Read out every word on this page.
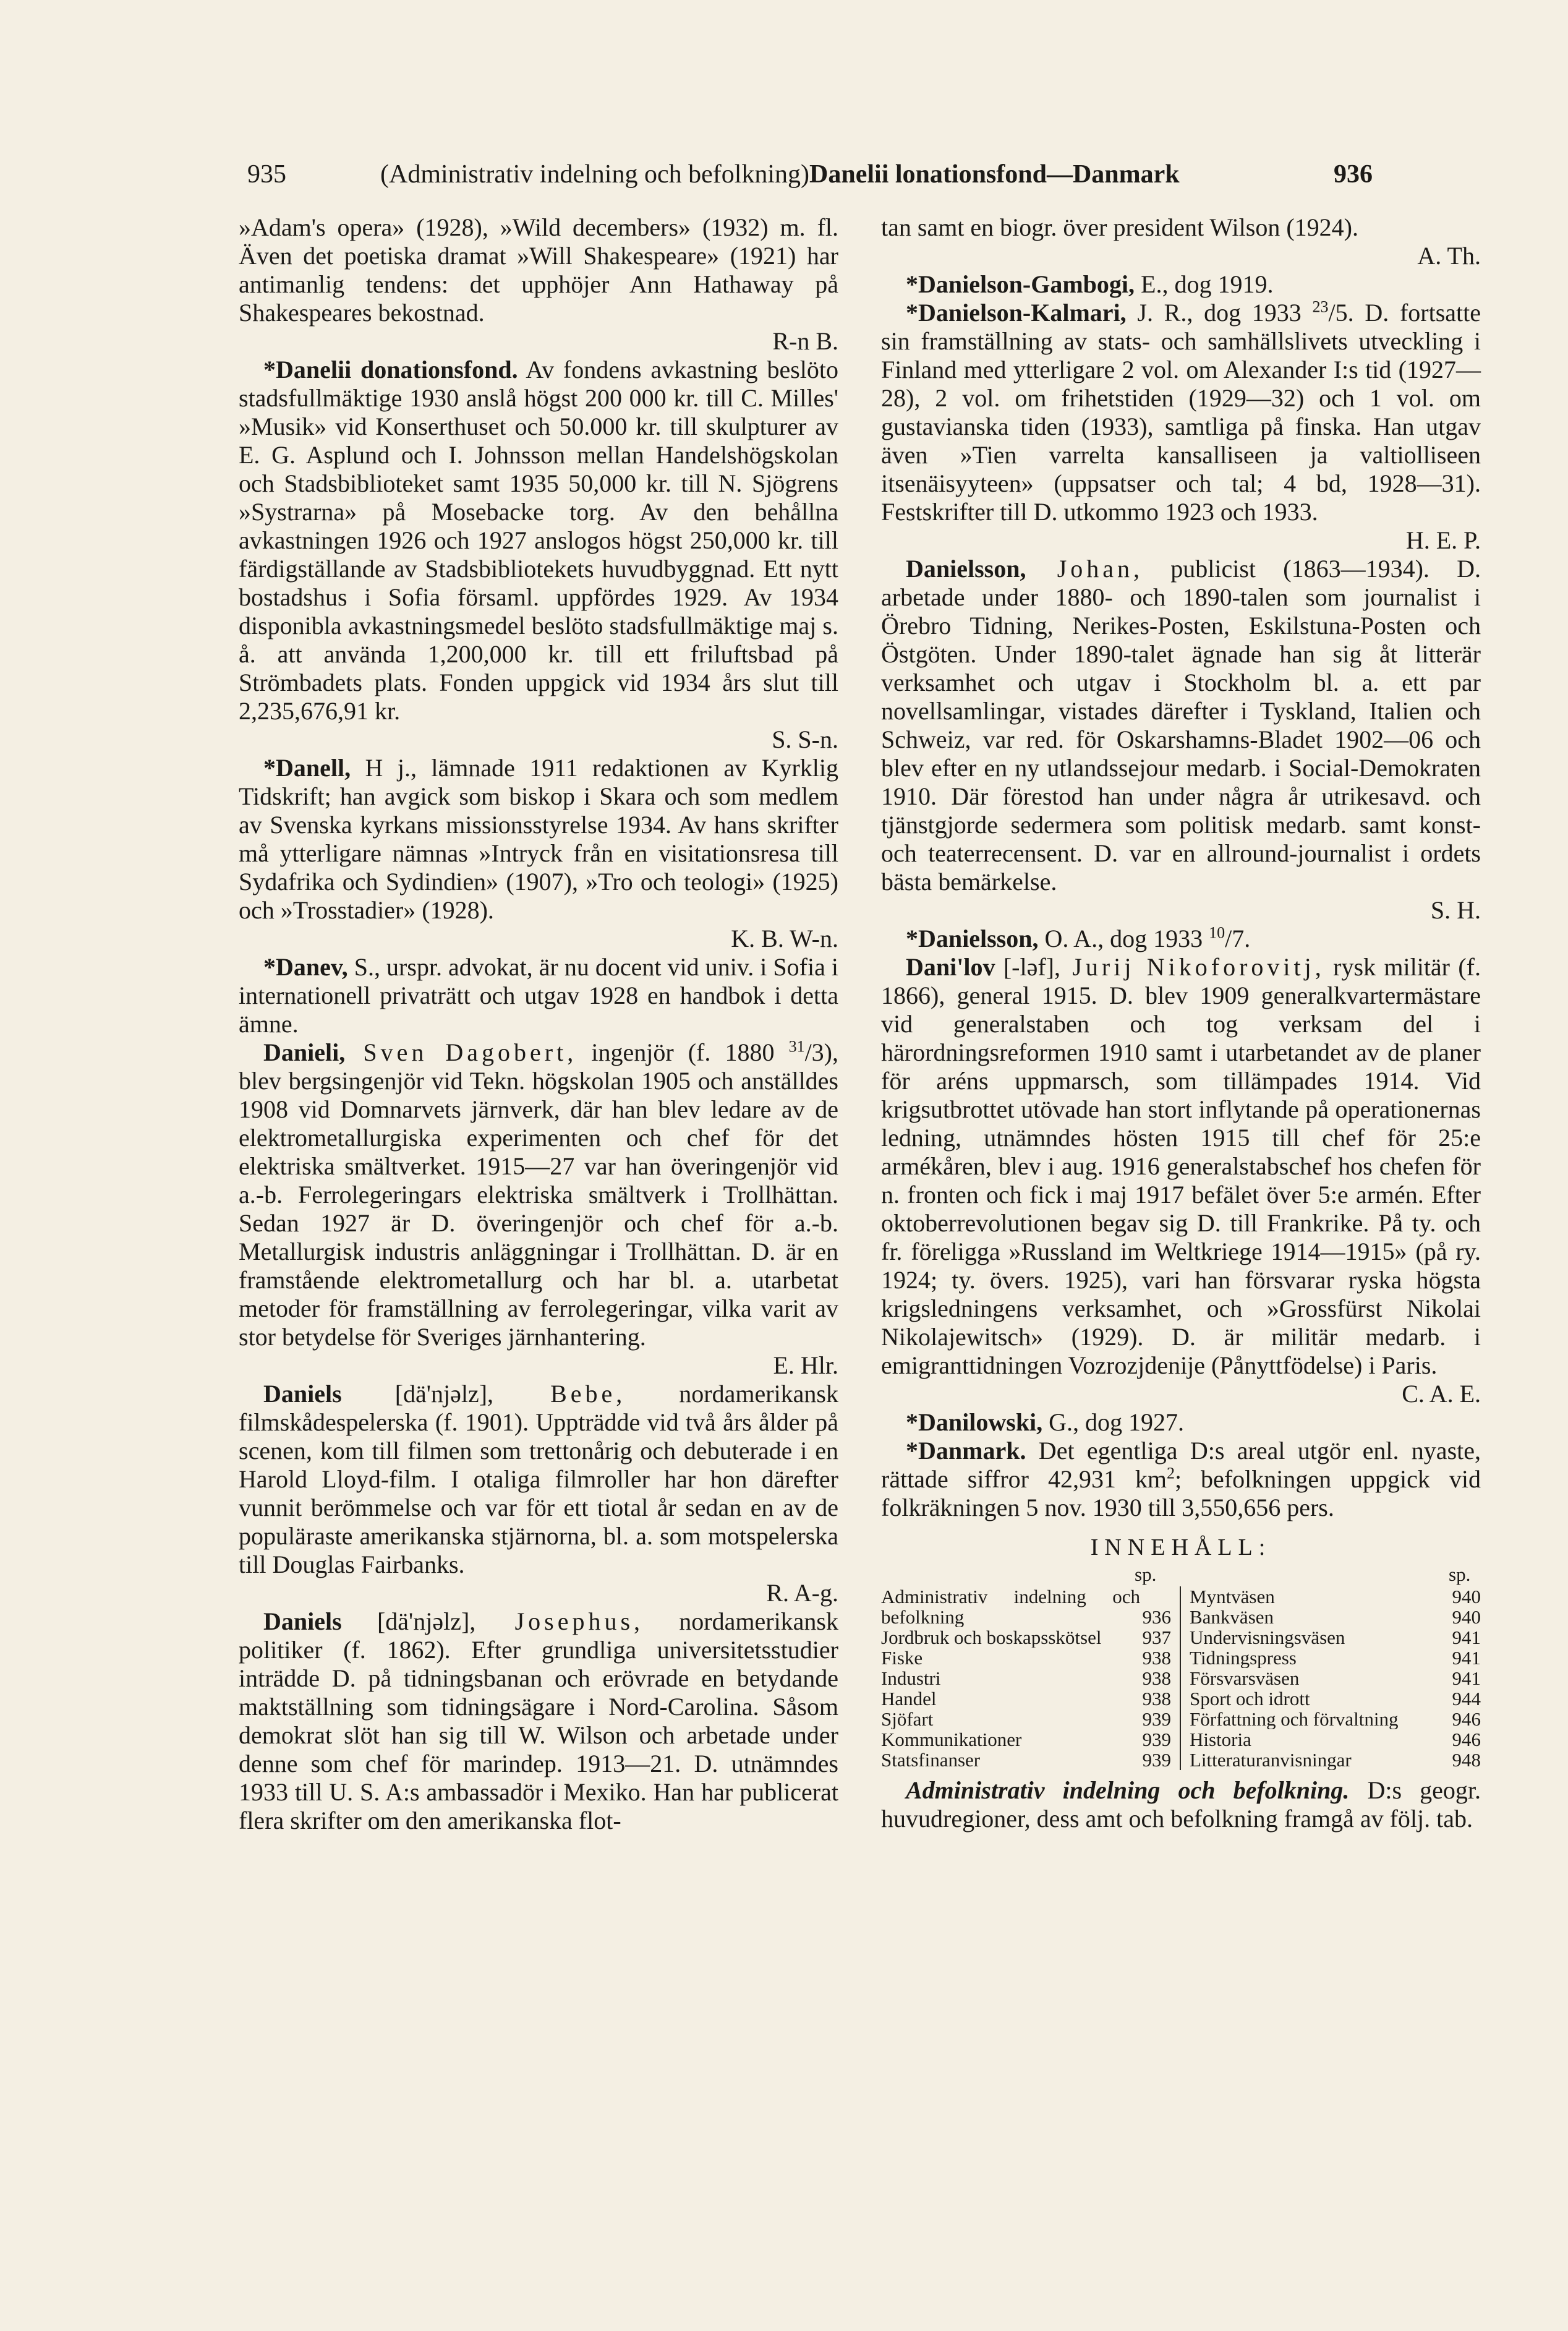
935	(Administrativ indelning och befolkning)Danelii lonationsfond—Danmark	936

»Adam's opera» (1928), »Wild decembers» (1932) m. fl. Även det poetiska dramat »Will Shakespeare» (1921) har antimanlig tendens: det upphöjer Ann Hathaway på Shakespeares bekostnad.

R-n B.

*Danelii donationsfond. Av fondens avkastning beslöto stadsfullmäktige 1930 anslå högst 200 000 kr. till C. Milles' »Musik» vid Konserthuset och 50.000 kr. till skulpturer av E. G. Asplund och I. Johnsson mellan Handelshögskolan och Stadsbiblioteket samt 1935 50,000 kr. till N. Sjögrens »Systrarna» på Mosebacke torg. Av den behållna avkastningen 1926 och 1927 anslogos högst 250,000 kr. till färdigställande av Stadsbibliotekets huvudbyggnad. Ett nytt bostadshus i Sofia församl. uppfördes 1929. Av 1934 disponibla avkastningsmedel beslöto stadsfullmäktige maj s. å. att använda 1,200,000 kr. till ett friluftsbad på Strömbadets plats. Fonden uppgick vid 1934 års slut till 2,235,676,91 kr.

S. S-n.

*Danell, H j., lämnade 1911 redaktionen av Kyrklig Tidskrift; han avgick som biskop i Skara och som medlem av Svenska kyrkans missionsstyrelse 1934. Av hans skrifter må ytterligare nämnas »Intryck från en visitationsresa till Sydafrika och Sydindien» (1907), »Tro och teologi» (1925) och »Trosstadier» (1928).

K. B. W-n.

*Danev, S., urspr. advokat, är nu docent vid univ. i Sofia i internationell privaträtt och utgav 1928 en handbok i detta ämne.

Danieli, Sven Dagobert, ingenjör (f. 1880 $^{31}$/3), blev bergsingenjör vid Tekn. högskolan 1905 och anställdes 1908 vid Domnarvets järnverk, där han blev ledare av de elektrometallurgiska experimenten och chef för det elektriska smältverket. 1915—27 var han överingenjör vid a.-b. Ferrolegeringars elektriska smältverk i Trollhättan. Sedan 1927 är D. överingenjör och chef för a.-b. Metallurgisk industris anläggningar i Trollhättan. D. är en framstående elektrometallurg och har bl. a. utarbetat metoder för framställning av ferrolegeringar, vilka varit av stor betydelse för Sveriges järnhantering.

E. Hlr.

Daniels [dä'njəlz], Bebe, nordamerikansk filmskådespelerska (f. 1901). Uppträdde vid två års ålder på scenen, kom till filmen som trettonårig och debuterade i en Harold Lloyd-film. I otaliga filmroller har hon därefter vunnit berömmelse och var för ett tiotal år sedan en av de populäraste amerikanska stjärnorna, bl. a. som motspelerska till Douglas Fairbanks.

R. A-g.

Daniels [dä'njəlz], Josephus, nordamerikansk politiker (f. 1862). Efter grundliga universitetsstudier inträdde D. på tidningsbanan och erövrade en betydande maktställning som tidningsägare i Nord-Carolina. Såsom demokrat slöt han sig till W. Wilson och arbetade under denne som chef för marindep. 1913—21. D. utnämndes 1933 till U. S. A:s ambassadör i Mexiko. Han har publicerat flera skrifter om den amerikanska flot-

tan samt en biogr. över president Wilson (1924).

A. Th.

*Danielson-Gambogi, E., dog 1919.

*Danielson-Kalmari, J. R., dog 1933 $^{23}$/5. D. fortsatte sin framställning av stats- och samhällslivets utveckling i Finland med ytterligare 2 vol. om Alexander I:s tid (1927—28), 2 vol. om frihetstiden (1929—32) och 1 vol. om gustavianska tiden (1933), samtliga på finska. Han utgav även »Tien varrelta kansalliseen ja valtiolliseen itsenäisyyteen» (uppsatser och tal; 4 bd, 1928—31). Festskrifter till D. utkommo 1923 och 1933.

H. E. P.

Danielsson, Johan, publicist (1863—1934). D. arbetade under 1880- och 1890-talen som journalist i Örebro Tidning, Nerikes-Posten, Eskilstuna-Posten och Östgöten. Under 1890-talet ägnade han sig åt litterär verksamhet och utgav i Stockholm bl. a. ett par novellsamlingar, vistades därefter i Tyskland, Italien och Schweiz, var red. för Oskarshamns-Bladet 1902—06 och blev efter en ny utlandssejour medarb. i Social-Demokraten 1910. Där förestod han under några år utrikesavd. och tjänstgjorde sedermera som politisk medarb. samt konst- och teaterrecensent. D. var en allround-journalist i ordets bästa bemärkelse.

S. H.

*Danielsson, O. A., dog 1933 $^{10}$/7.

Dani'lov [-ləf], Jurij Nikoforovitj, rysk militär (f. 1866), general 1915. D. blev 1909 generalkvartermästare vid generalstaben och tog verksam del i härordningsreformen 1910 samt i utarbetandet av de planer för aréns uppmarsch, som tillämpades 1914. Vid krigsutbrottet utövade han stort inflytande på operationernas ledning, utnämndes hösten 1915 till chef för 25:e armékåren, blev i aug. 1916 generalstabschef hos chefen för n. fronten och fick i maj 1917 befälet över 5:e armén. Efter oktoberrevolutionen begav sig D. till Frankrike. På ty. och fr. föreligga »Russland im Weltkriege 1914—1915» (på ry. 1924; ty. övers. 1925), vari han försvarar ryska högsta krigsledningens verksamhet, och »Grossfürst Nikolai Nikolajewitsch» (1929). D. är militär medarb. i emigranttidningen Vozrozjdenije (Pånyttfödelse) i Paris.

C. A. E.

*Danilowski, G., dog 1927.

*Danmark. Det egentliga D:s areal utgör enl. nyaste, rättade siffror 42,931 $km^2$; befolkningen uppgick vid folkräkningen 5 nov. 1930 till 3,550,656 pers.

INNEHÅLL:
sp.	sp.
Administrativ indelning och befolkning	936
Jordbruk och boskapsskötsel	937
Fiske	938
Industri	938
Handel	938
Sjöfart	939
Kommunikationer	939
Statsfinanser	939
Myntväsen	940
Bankväsen	940
Undervisningsväsen	941
Tidningspress	941
Försvarsväsen	941
Sport och idrott	944
Författning och förvaltning	946
Historia	946
Litteraturanvisningar	948

Administrativ indelning och befolkning. D:s geogr. huvudregioner, dess amt och befolkning framgå av följ. tab.
